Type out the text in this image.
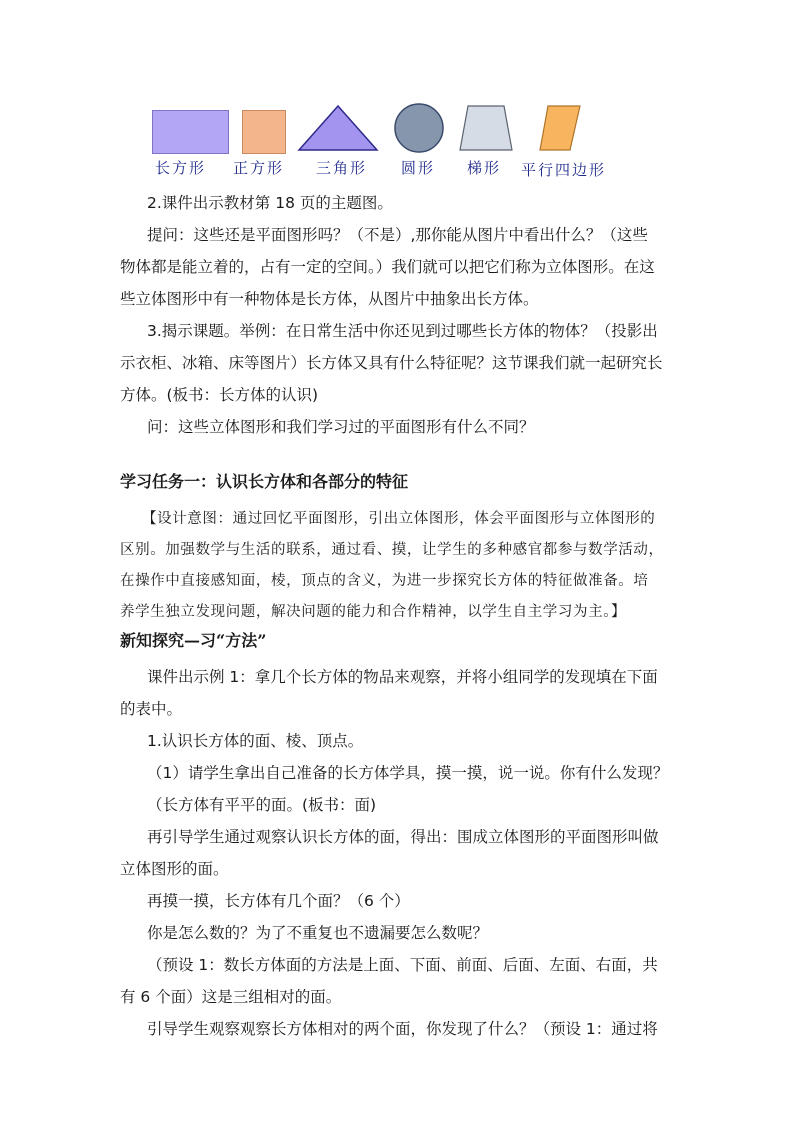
长方形 正方形 三角形 圆形 梯形 平行四边形
2.课件出示教材第 18 页的主题图。
提问：这些还是平面图形吗？（不是）,那你能从图片中看出什么？（这些
物体都是能立着的，占有一定的空间。）我们就可以把它们称为立体图形。在这
些立体图形中有一种物体是长方体，从图片中抽象出长方体。
3.揭示课题。举例：在日常生活中你还见到过哪些长方体的物体？（投影出
示衣柜、冰箱、床等图片）长方体又具有什么特征呢？这节课我们就一起研究长
方体。(板书：长方体的认识)
问：这些立体图形和我们学习过的平面图形有什么不同？
学习任务一：认识长方体和各部分的特征
【设计意图：通过回忆平面图形，引出立体图形，体会平面图形与立体图形的
区别。加强数学与生活的联系，通过看、摸，让学生的多种感官都参与数学活动，
在操作中直接感知面，棱，顶点的含义，为进一步探究长方体的特征做准备。培
养学生独立发现问题，解决问题的能力和合作精神，以学生自主学习为主。】
新知探究—习“方法”
课件出示例 1：拿几个长方体的物品来观察，并将小组同学的发现填在下面
的表中。
1.认识长方体的面、棱、顶点。
（1）请学生拿出自己准备的长方体学具，摸一摸，说一说。你有什么发现？
（长方体有平平的面。(板书：面)
再引导学生通过观察认识长方体的面，得出：围成立体图形的平面图形叫做
立体图形的面。
再摸一摸，长方体有几个面？（6 个）
你是怎么数的？为了不重复也不遗漏要怎么数呢？
（预设 1：数长方体面的方法是上面、下面、前面、后面、左面、右面，共
有 6 个面）这是三组相对的面。
引导学生观察观察长方体相对的两个面，你发现了什么？（预设 1：通过将
